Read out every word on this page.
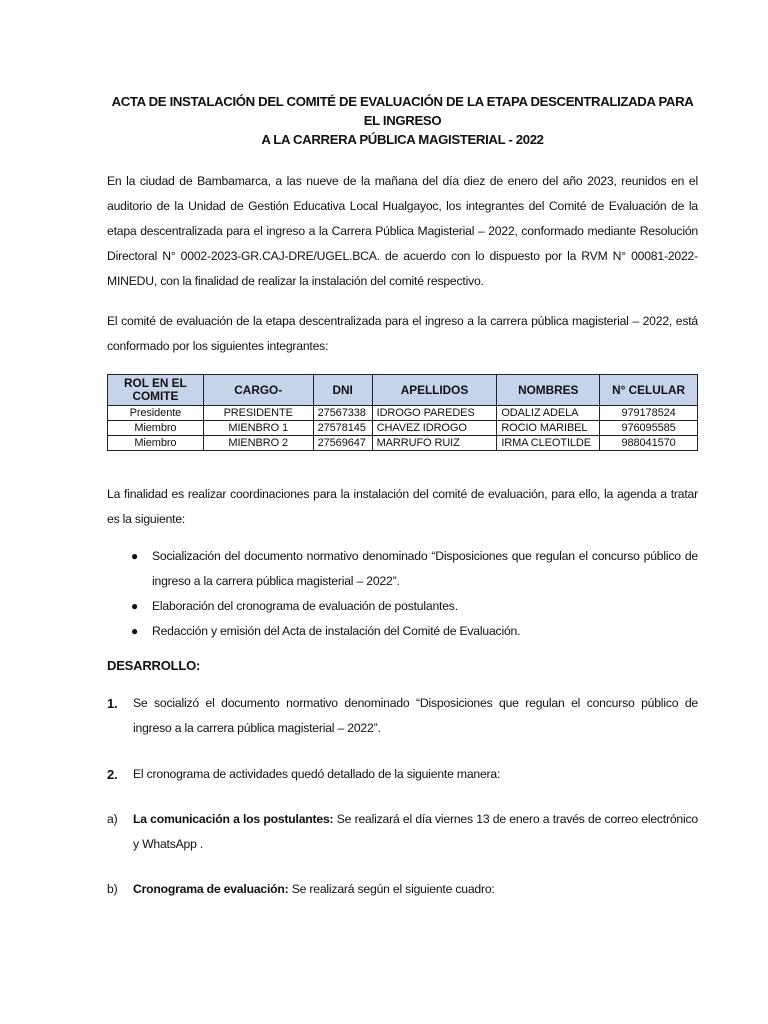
ACTA DE INSTALACIÓN DEL COMITÉ DE EVALUACIÓN DE LA ETAPA DESCENTRALIZADA PARA EL INGRESO
A LA CARRERA PÚBLICA MAGISTERIAL - 2022

En la ciudad de Bambamarca, a las nueve de la mañana del día diez de enero del año 2023, reunidos en el auditorio de la Unidad de Gestión Educativa Local Hualgayoc, los integrantes del Comité de Evaluación de la etapa descentralizada para el ingreso a la Carrera Pública Magisterial – 2022, conformado mediante Resolución Directoral N° 0002-2023-GR.CAJ-DRE/UGEL.BCA. de acuerdo con lo dispuesto por la RVM N° 00081-2022-MINEDU, con la finalidad de realizar la instalación del comité respectivo.

El comité de evaluación de la etapa descentralizada para el ingreso a la carrera pública magisterial – 2022, está conformado por los siguientes integrantes:

ROL EN EL COMITE	CARGO-	DNI	APELLIDOS	NOMBRES	N° CELULAR
Presidente	PRESIDENTE	27567338	IDROGO PAREDES	ODALIZ ADELA	979178524
Miembro	MIENBRO 1	27578145	CHAVEZ IDROGO	ROCIO MARIBEL	976095585
Miembro	MIENBRO 2	27569647	MARRUFO RUIZ	IRMA CLEOTILDE	988041570

La finalidad es realizar coordinaciones para la instalación del comité de evaluación, para ello, la agenda a tratar es la siguiente:

● Socialización del documento normativo denominado “Disposiciones que regulan el concurso público de ingreso a la carrera pública magisterial – 2022”.
● Elaboración del cronograma de evaluación de postulantes.
● Redacción y emisión del Acta de instalación del Comité de Evaluación.
DESARROLLO:
1. Se socializó el documento normativo denominado “Disposiciones que regulan el concurso público de ingreso a la carrera pública magisterial – 2022”.
2. El cronograma de actividades quedó detallado de la siguiente manera:
a) La comunicación a los postulantes: Se realizará el día viernes 13 de enero a través de correo electrónico y WhatsApp .
b) Cronograma de evaluación: Se realizará según el siguiente cuadro:
